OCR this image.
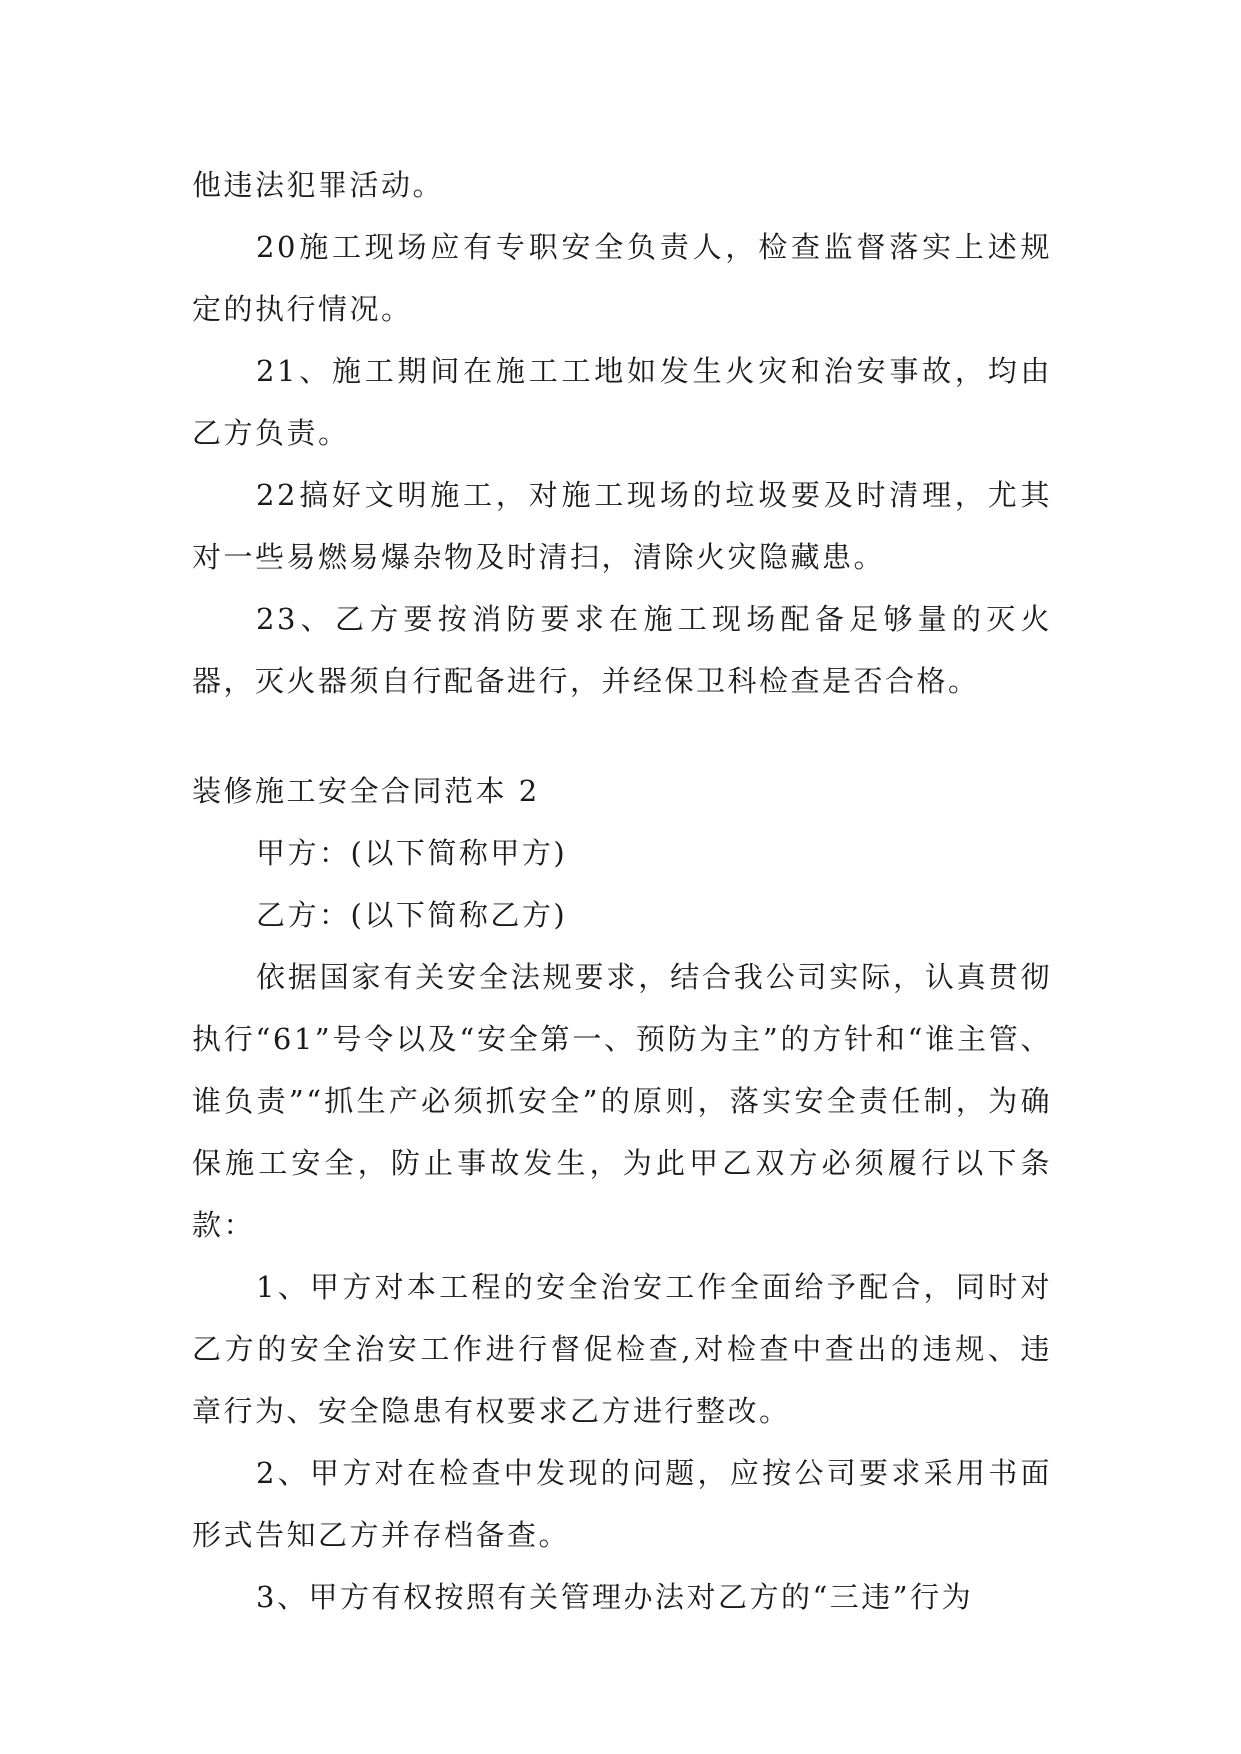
他违法犯罪活动。

20施工现场应有专职安全负责人，检查监督落实上述规定的执行情况。

21、施工期间在施工工地如发生火灾和治安事故，均由乙方负责。

22搞好文明施工，对施工现场的垃圾要及时清理，尤其对一些易燃易爆杂物及时清扫，清除火灾隐藏患。

23、乙方要按消防要求在施工现场配备足够量的灭火器，灭火器须自行配备进行，并经保卫科检查是否合格。

装修施工安全合同范本 2

甲方：(以下简称甲方)

乙方：(以下简称乙方)

依据国家有关安全法规要求，结合我公司实际，认真贯彻执行“61”号令以及“安全第一、预防为主”的方针和“谁主管、谁负责”“抓生产必须抓安全”的原则，落实安全责任制，为确保施工安全，防止事故发生，为此甲乙双方必须履行以下条款：

1、甲方对本工程的安全治安工作全面给予配合，同时对乙方的安全治安工作进行督促检查,对检查中查出的违规、违章行为、安全隐患有权要求乙方进行整改。

2、甲方对在检查中发现的问题，应按公司要求采用书面形式告知乙方并存档备查。

3、甲方有权按照有关管理办法对乙方的“三违”行为
